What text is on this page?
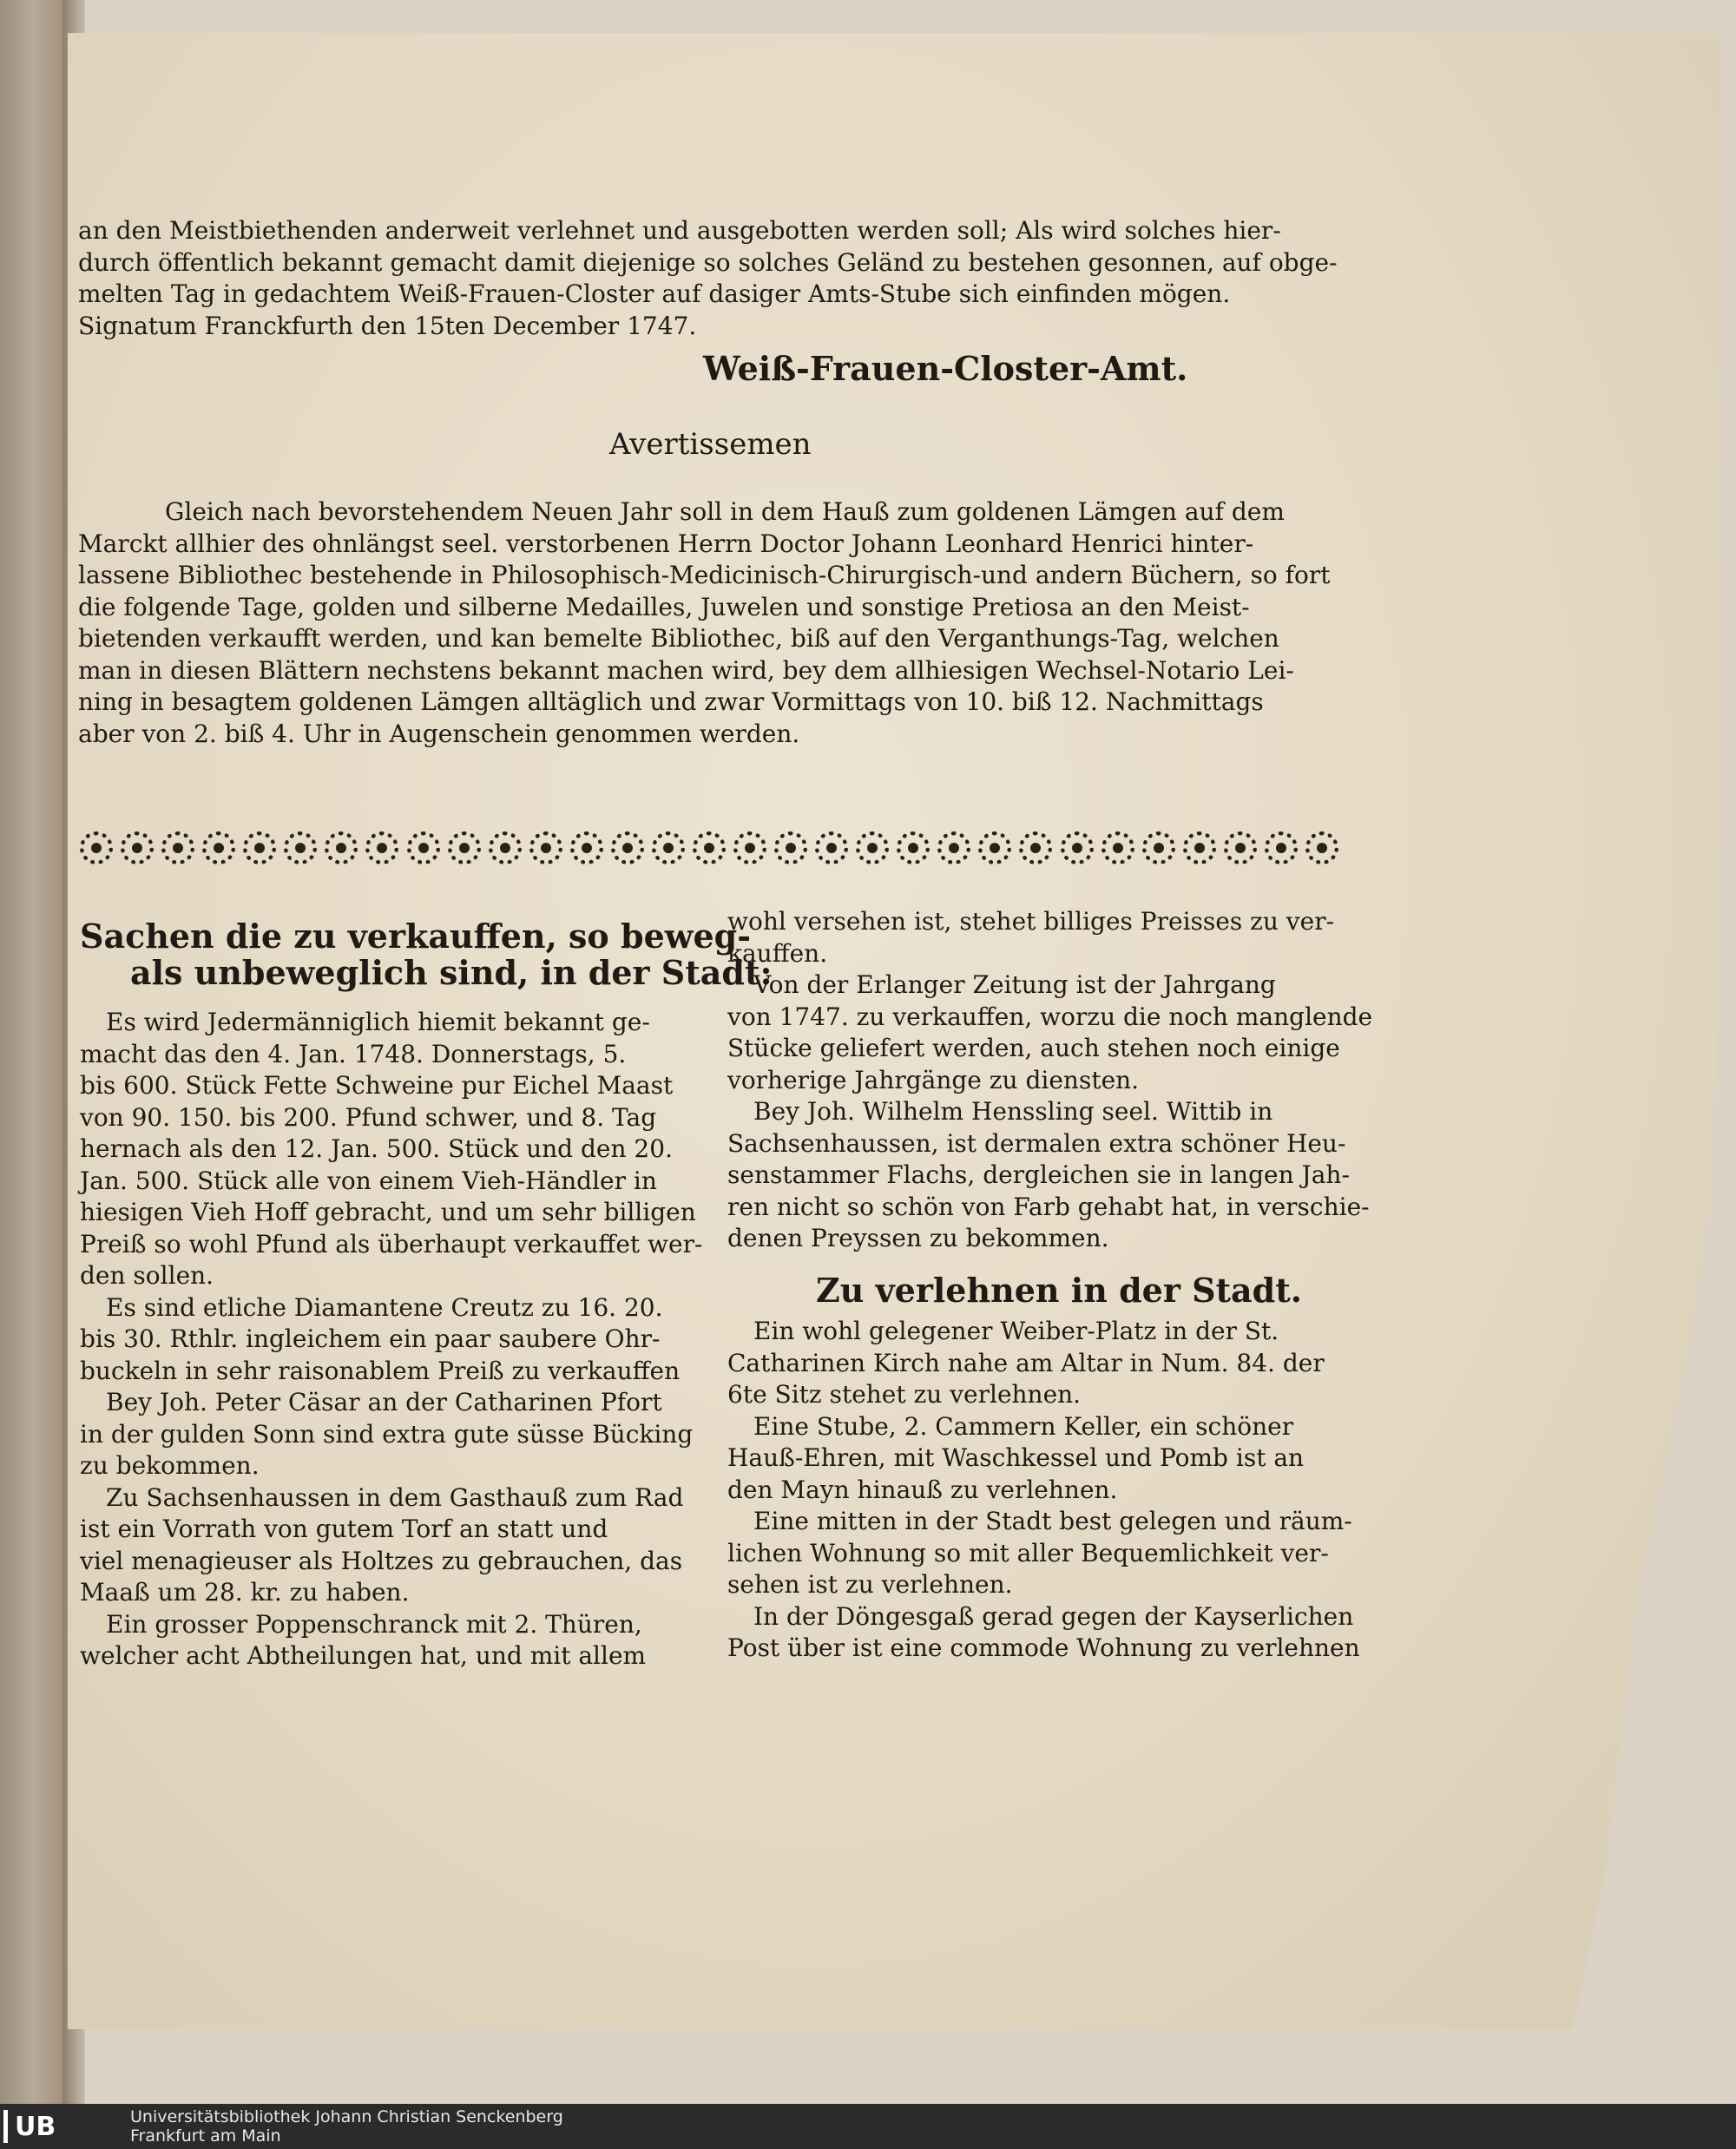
an den Meistbiethenden anderweit verlehnet und ausgebotten werden soll; Als wird solches hier-
durch öffentlich bekannt gemacht damit diejenige so solches Geländ zu bestehen gesonnen, auf obge-
melten Tag in gedachtem Weiß-Frauen-Closter auf dasiger Amts-Stube sich einfinden mögen.
Signatum Franckfurth den 15ten December 1747.
Weiß-Frauen-Closter-Amt.
Avertissemen
Gleich nach bevorstehendem Neuen Jahr soll in dem Hauß zum goldenen Lämgen auf dem
Marckt allhier des ohnlängst seel. verstorbenen Herrn Doctor Johann Leonhard Henrici hinter-
lassene Bibliothec bestehende in Philosophisch-Medicinisch-Chirurgisch-und andern Büchern, so fort
die folgende Tage, golden und silberne Medailles, Juwelen und sonstige Pretiosa an den Meist-
bietenden verkaufft werden, und kan bemelte Bibliothec, biß auf den Verganthungs-Tag, welchen
man in diesen Blättern nechstens bekannt machen wird, bey dem allhiesigen Wechsel-Notario Lei-
ning in besagtem goldenen Lämgen alltäglich und zwar Vormittags von 10. biß 12. Nachmittags
aber von 2. biß 4. Uhr in Augenschein genommen werden.
Sachen die zu verkauffen, so beweg-
als unbeweglich sind, in der Stadt:
Es wird Jedermänniglich hiemit bekannt ge-
macht das den 4. Jan. 1748. Donnerstags, 5.
bis 600. Stück Fette Schweine pur Eichel Maast
von 90. 150. bis 200. Pfund schwer, und 8. Tag
hernach als den 12. Jan. 500. Stück und den 20.
Jan. 500. Stück alle von einem Vieh-Händler in
hiesigen Vieh Hoff gebracht, und um sehr billigen
Preiß so wohl Pfund als überhaupt verkauffet wer-
den sollen.
Es sind etliche Diamantene Creutz zu 16. 20.
bis 30. Rthlr. ingleichem ein paar saubere Ohr-
buckeln in sehr raisonablem Preiß zu verkauffen
Bey Joh. Peter Cäsar an der Catharinen Pfort
in der gulden Sonn sind extra gute süsse Bücking
zu bekommen.
Zu Sachsenhaussen in dem Gasthauß zum Rad
ist ein Vorrath von gutem Torf an statt und
viel menagieuser als Holtzes zu gebrauchen, das
Maaß um 28. kr. zu haben.
Ein grosser Poppenschranck mit 2. Thüren,
welcher acht Abtheilungen hat, und mit allem
wohl versehen ist, stehet billiges Preisses zu ver-
kauffen.
Von der Erlanger Zeitung ist der Jahrgang
von 1747. zu verkauffen, worzu die noch manglende
Stücke geliefert werden, auch stehen noch einige
vorherige Jahrgänge zu diensten.
Bey Joh. Wilhelm Henssling seel. Wittib in
Sachsenhaussen, ist dermalen extra schöner Heu-
senstammer Flachs, dergleichen sie in langen Jah-
ren nicht so schön von Farb gehabt hat, in verschie-
denen Preyssen zu bekommen.
Zu verlehnen in der Stadt.
Ein wohl gelegener Weiber-Platz in der St.
Catharinen Kirch nahe am Altar in Num. 84. der
6te Sitz stehet zu verlehnen.
Eine Stube, 2. Cammern Keller, ein schöner
Hauß-Ehren, mit Waschkessel und Pomb ist an
den Mayn hinauß zu verlehnen.
Eine mitten in der Stadt best gelegen und räum-
lichen Wohnung so mit aller Bequemlichkeit ver-
sehen ist zu verlehnen.
In der Döngesgaß gerad gegen der Kayserlichen
Post über ist eine commode Wohnung zu verlehnen
UB	Universitätsbibliothek Johann Christian Senckenberg
Frankfurt am Main
